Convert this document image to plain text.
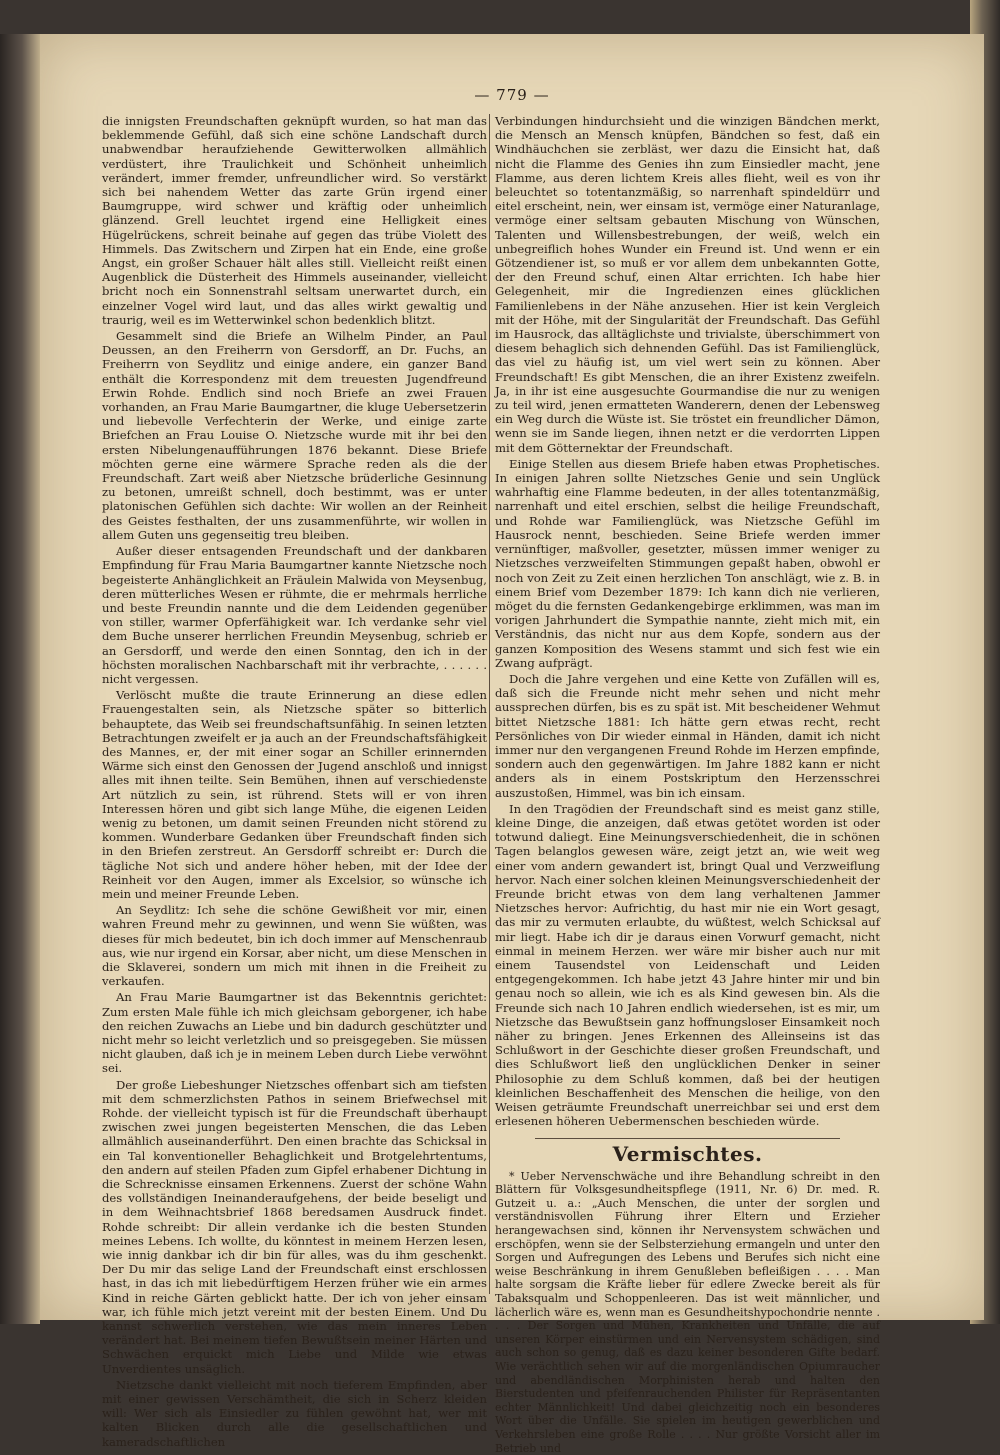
— 779 —

die innigsten Freundschaften geknüpft wurden, so hat man das beklemmende Gefühl, daß sich eine schöne Landschaft durch unabwendbar heraufziehende Gewitterwolken allmählich verdüstert, ihre Traulichkeit und Schönheit unheimlich verändert, immer fremder, unfreundlicher wird. So verstärkt sich bei nahendem Wetter das zarte Grün irgend einer Baumgruppe, wird schwer und kräftig oder unheimlich glänzend. Grell leuchtet irgend eine Helligkeit eines Hügelrückens, schreit beinahe auf gegen das trübe Violett des Himmels. Das Zwitschern und Zirpen hat ein Ende, eine große Angst, ein großer Schauer hält alles still. Vielleicht reißt einen Augenblick die Düsterheit des Himmels auseinander, vielleicht bricht noch ein Sonnenstrahl seltsam unerwartet durch, ein einzelner Vogel wird laut, und das alles wirkt gewaltig und traurig, weil es im Wetterwinkel schon bedenklich blitzt.

Gesammelt sind die Briefe an Wilhelm Pinder, an Paul Deussen, an den Freiherrn von Gersdorff, an Dr. Fuchs, an Freiherrn von Seydlitz und einige andere, ein ganzer Band enthält die Korrespondenz mit dem treuesten Jugendfreund Erwin Rohde. Endlich sind noch Briefe an zwei Frauen vorhanden, an Frau Marie Baumgartner, die kluge Uebersetzerin und liebevolle Verfechterin der Werke, und einige zarte Briefchen an Frau Louise O. Nietzsche wurde mit ihr bei den ersten Nibelungenaufführungen 1876 bekannt. Diese Briefe möchten gerne eine wärmere Sprache reden als die der Freundschaft. Zart weiß aber Nietzsche brüderliche Gesinnung zu betonen, umreißt schnell, doch bestimmt, was er unter platonischen Gefühlen sich dachte: Wir wollen an der Reinheit des Geistes festhalten, der uns zusammenführte, wir wollen in allem Guten uns gegenseitig treu bleiben.

Außer dieser entsagenden Freundschaft und der dankbaren Empfindung für Frau Maria Baumgartner kannte Nietzsche noch begeisterte Anhänglichkeit an Fräulein Malwida von Meysenbug, deren mütterliches Wesen er rühmte, die er mehrmals herrliche und beste Freundin nannte und die dem Leidenden gegenüber von stiller, warmer Opferfähigkeit war. Ich verdanke sehr viel dem Buche unserer herrlichen Freundin Meysenbug, schrieb er an Gersdorff, und werde den einen Sonntag, den ich in der höchsten moralischen Nachbarschaft mit ihr verbrachte, . . . . . . nicht vergessen.

Verlöscht mußte die traute Erinnerung an diese edlen Frauengestalten sein, als Nietzsche später so bitterlich behauptete, das Weib sei freundschaftsunfähig. In seinen letzten Betrachtungen zweifelt er ja auch an der Freundschaftsfähigkeit des Mannes, er, der mit einer sogar an Schiller erinnernden Wärme sich einst den Genossen der Jugend anschloß und innigst alles mit ihnen teilte. Sein Bemühen, ihnen auf verschiedenste Art nützlich zu sein, ist rührend. Stets will er von ihren Interessen hören und gibt sich lange Mühe, die eigenen Leiden wenig zu betonen, um damit seinen Freunden nicht störend zu kommen. Wunderbare Gedanken über Freundschaft finden sich in den Briefen zerstreut. An Gersdorff schreibt er: Durch die tägliche Not sich und andere höher heben, mit der Idee der Reinheit vor den Augen, immer als Excelsior, so wünsche ich mein und meiner Freunde Leben.

An Seydlitz: Ich sehe die schöne Gewißheit vor mir, einen wahren Freund mehr zu gewinnen, und wenn Sie wüßten, was dieses für mich bedeutet, bin ich doch immer auf Menschenraub aus, wie nur irgend ein Korsar, aber nicht, um diese Menschen in die Sklaverei, sondern um mich mit ihnen in die Freiheit zu verkaufen.

An Frau Marie Baumgartner ist das Bekenntnis gerichtet: Zum ersten Male fühle ich mich gleichsam geborgener, ich habe den reichen Zuwachs an Liebe und bin dadurch geschützter und nicht mehr so leicht verletzlich und so preisgegeben. Sie müssen nicht glauben, daß ich je in meinem Leben durch Liebe verwöhnt sei.

Der große Liebeshunger Nietzsches offenbart sich am tiefsten mit dem schmerzlichsten Pathos in seinem Briefwechsel mit Rohde. der vielleicht typisch ist für die Freundschaft überhaupt zwischen zwei jungen begeisterten Menschen, die das Leben allmählich auseinanderführt. Den einen brachte das Schicksal in ein Tal konventioneller Behaglichkeit und Brotgelehrtentums, den andern auf steilen Pfaden zum Gipfel erhabener Dichtung in die Schrecknisse einsamen Erkennens. Zuerst der schöne Wahn des vollständigen Ineinanderaufgehens, der beide beseligt und in dem Weihnachtsbrief 1868 beredsamen Ausdruck findet. Rohde schreibt: Dir allein verdanke ich die besten Stunden meines Lebens. Ich wollte, du könntest in meinem Herzen lesen, wie innig dankbar ich dir bin für alles, was du ihm geschenkt. Der Du mir das selige Land der Freundschaft einst erschlossen hast, in das ich mit liebedürftigem Herzen früher wie ein armes Kind in reiche Gärten geblickt hatte. Der ich von jeher einsam war, ich fühle mich jetzt vereint mit der besten Einem. Und Du kannst schwerlich verstehen, wie das mein inneres Leben verändert hat. Bei meinem tiefen Bewußtsein meiner Härten und Schwächen erquickt mich Liebe und Milde wie etwas Unverdientes unsäglich.

Nietzsche dankt vielleicht mit noch tieferem Empfinden, aber mit einer gewissen Verschämtheit, die sich in Scherz kleiden will: Wer sich als Einsiedler zu fühlen gewöhnt hat, wer mit kalten Blicken durch alle die gesellschaftlichen und kameradschaftlichen

Verbindungen hindurchsieht und die winzigen Bändchen merkt, die Mensch an Mensch knüpfen, Bändchen so fest, daß ein Windhäuchchen sie zerbläst, wer dazu die Einsicht hat, daß nicht die Flamme des Genies ihn zum Einsiedler macht, jene Flamme, aus deren lichtem Kreis alles flieht, weil es von ihr beleuchtet so totentanzmäßig, so narrenhaft spindeldürr und eitel erscheint, nein, wer einsam ist, vermöge einer Naturanlage, vermöge einer seltsam gebauten Mischung von Wünschen, Talenten und Willensbestrebungen, der weiß, welch ein unbegreiflich hohes Wunder ein Freund ist. Und wenn er ein Götzendiener ist, so muß er vor allem dem unbekannten Gotte, der den Freund schuf, einen Altar errichten. Ich habe hier Gelegenheit, mir die Ingredienzen eines glücklichen Familienlebens in der Nähe anzusehen. Hier ist kein Vergleich mit der Höhe, mit der Singularität der Freundschaft. Das Gefühl im Hausrock, das alltäglichste und trivialste, überschimmert von diesem behaglich sich dehnenden Gefühl. Das ist Familienglück, das viel zu häufig ist, um viel wert sein zu können. Aber Freundschaft! Es gibt Menschen, die an ihrer Existenz zweifeln. Ja, in ihr ist eine ausgesuchte Gourmandise die nur zu wenigen zu teil wird, jenen ermatteten Wanderern, denen der Lebensweg ein Weg durch die Wüste ist. Sie tröstet ein freundlicher Dämon, wenn sie im Sande liegen, ihnen netzt er die verdorrten Lippen mit dem Götternektar der Freundschaft.

Einige Stellen aus diesem Briefe haben etwas Prophetisches. In einigen Jahren sollte Nietzsches Genie und sein Unglück wahrhaftig eine Flamme bedeuten, in der alles totentanzmäßig, narrenhaft und eitel erschien, selbst die heilige Freundschaft, und Rohde war Familienglück, was Nietzsche Gefühl im Hausrock nennt, beschieden. Seine Briefe werden immer vernünftiger, maßvoller, gesetzter, müssen immer weniger zu Nietzsches verzweifelten Stimmungen gepaßt haben, obwohl er noch von Zeit zu Zeit einen herzlichen Ton anschlägt, wie z. B. in einem Brief vom Dezember 1879: Ich kann dich nie verlieren, möget du die fernsten Gedankengebirge erklimmen, was man im vorigen Jahrhundert die Sympathie nannte, zieht mich mit, ein Verständnis, das nicht nur aus dem Kopfe, sondern aus der ganzen Komposition des Wesens stammt und sich fest wie ein Zwang aufprägt.

Doch die Jahre vergehen und eine Kette von Zufällen will es, daß sich die Freunde nicht mehr sehen und nicht mehr aussprechen dürfen, bis es zu spät ist. Mit bescheidener Wehmut bittet Nietzsche 1881: Ich hätte gern etwas recht, recht Persönliches von Dir wieder einmal in Händen, damit ich nicht immer nur den vergangenen Freund Rohde im Herzen empfinde, sondern auch den gegenwärtigen. Im Jahre 1882 kann er nicht anders als in einem Postskriptum den Herzensschrei auszustoßen, Himmel, was bin ich einsam.

In den Tragödien der Freundschaft sind es meist ganz stille, kleine Dinge, die anzeigen, daß etwas getötet worden ist oder totwund daliegt. Eine Meinungsverschiedenheit, die in schönen Tagen belanglos gewesen wäre, zeigt jetzt an, wie weit weg einer vom andern gewandert ist, bringt Qual und Verzweiflung hervor. Nach einer solchen kleinen Meinungsverschiedenheit der Freunde bricht etwas von dem lang verhaltenen Jammer Nietzsches hervor: Aufrichtig, du hast mir nie ein Wort gesagt, das mir zu vermuten erlaubte, du wüßtest, welch Schicksal auf mir liegt. Habe ich dir je daraus einen Vorwurf gemacht, nicht einmal in meinem Herzen. wer wäre mir bisher auch nur mit einem Tausendstel von Leidenschaft und Leiden entgegengekommen. Ich habe jetzt 43 Jahre hinter mir und bin genau noch so allein, wie ich es als Kind gewesen bin. Als die Freunde sich nach 10 Jahren endlich wiedersehen, ist es mir, um Nietzsche das Bewußtsein ganz hoffnungsloser Einsamkeit noch näher zu bringen. Jenes Erkennen des Alleinseins ist das Schlußwort in der Geschichte dieser großen Freundschaft, und dies Schlußwort ließ den unglücklichen Denker in seiner Philosophie zu dem Schluß kommen, daß bei der heutigen kleinlichen Beschaffenheit des Menschen die heilige, von den Weisen geträumte Freundschaft unerreichbar sei und erst dem erlesenen höheren Uebermenschen beschieden würde.

Vermischtes.

* Ueber Nervenschwäche und ihre Behandlung schreibt in den Blättern für Volksgesundheitspflege (1911, Nr. 6) Dr. med. R. Gutzeit u. a.: „Auch Menschen, die unter der sorglen und verständnisvollen Führung ihrer Eltern und Erzieher herangewachsen sind, können ihr Nervensystem schwächen und erschöpfen, wenn sie der Selbsterziehung ermangeln und unter den Sorgen und Aufregungen des Lebens und Berufes sich nicht eine weise Beschränkung in ihrem Genußleben befleißigen . . . . Man halte sorgsam die Kräfte lieber für edlere Zwecke bereit als für Tabaksqualm und Schoppenleeren. Das ist weit männlicher, und lächerlich wäre es, wenn man es Gesundheitshypochondrie nennte . . . . Der Sorgen und Mühen, Krankheiten und Unfälle, die auf unseren Körper einstürmen und ein Nervensystem schädigen, sind auch schon so genug, daß es dazu keiner besonderen Gifte bedarf. Wie verächtlich sehen wir auf die morgenländischen Opiumraucher und abendländischen Morphinisten herab und halten den Bierstudenten und pfeifenrauchenden Philister für Repräsentanten echter Männlichkeit! Und dabei gleichzeitig noch ein besonderes Wort über die Unfälle. Sie spielen im heutigen gewerblichen und Verkehrsleben eine große Rolle . . . . Nur größte Vorsicht aller im Betrieb und
